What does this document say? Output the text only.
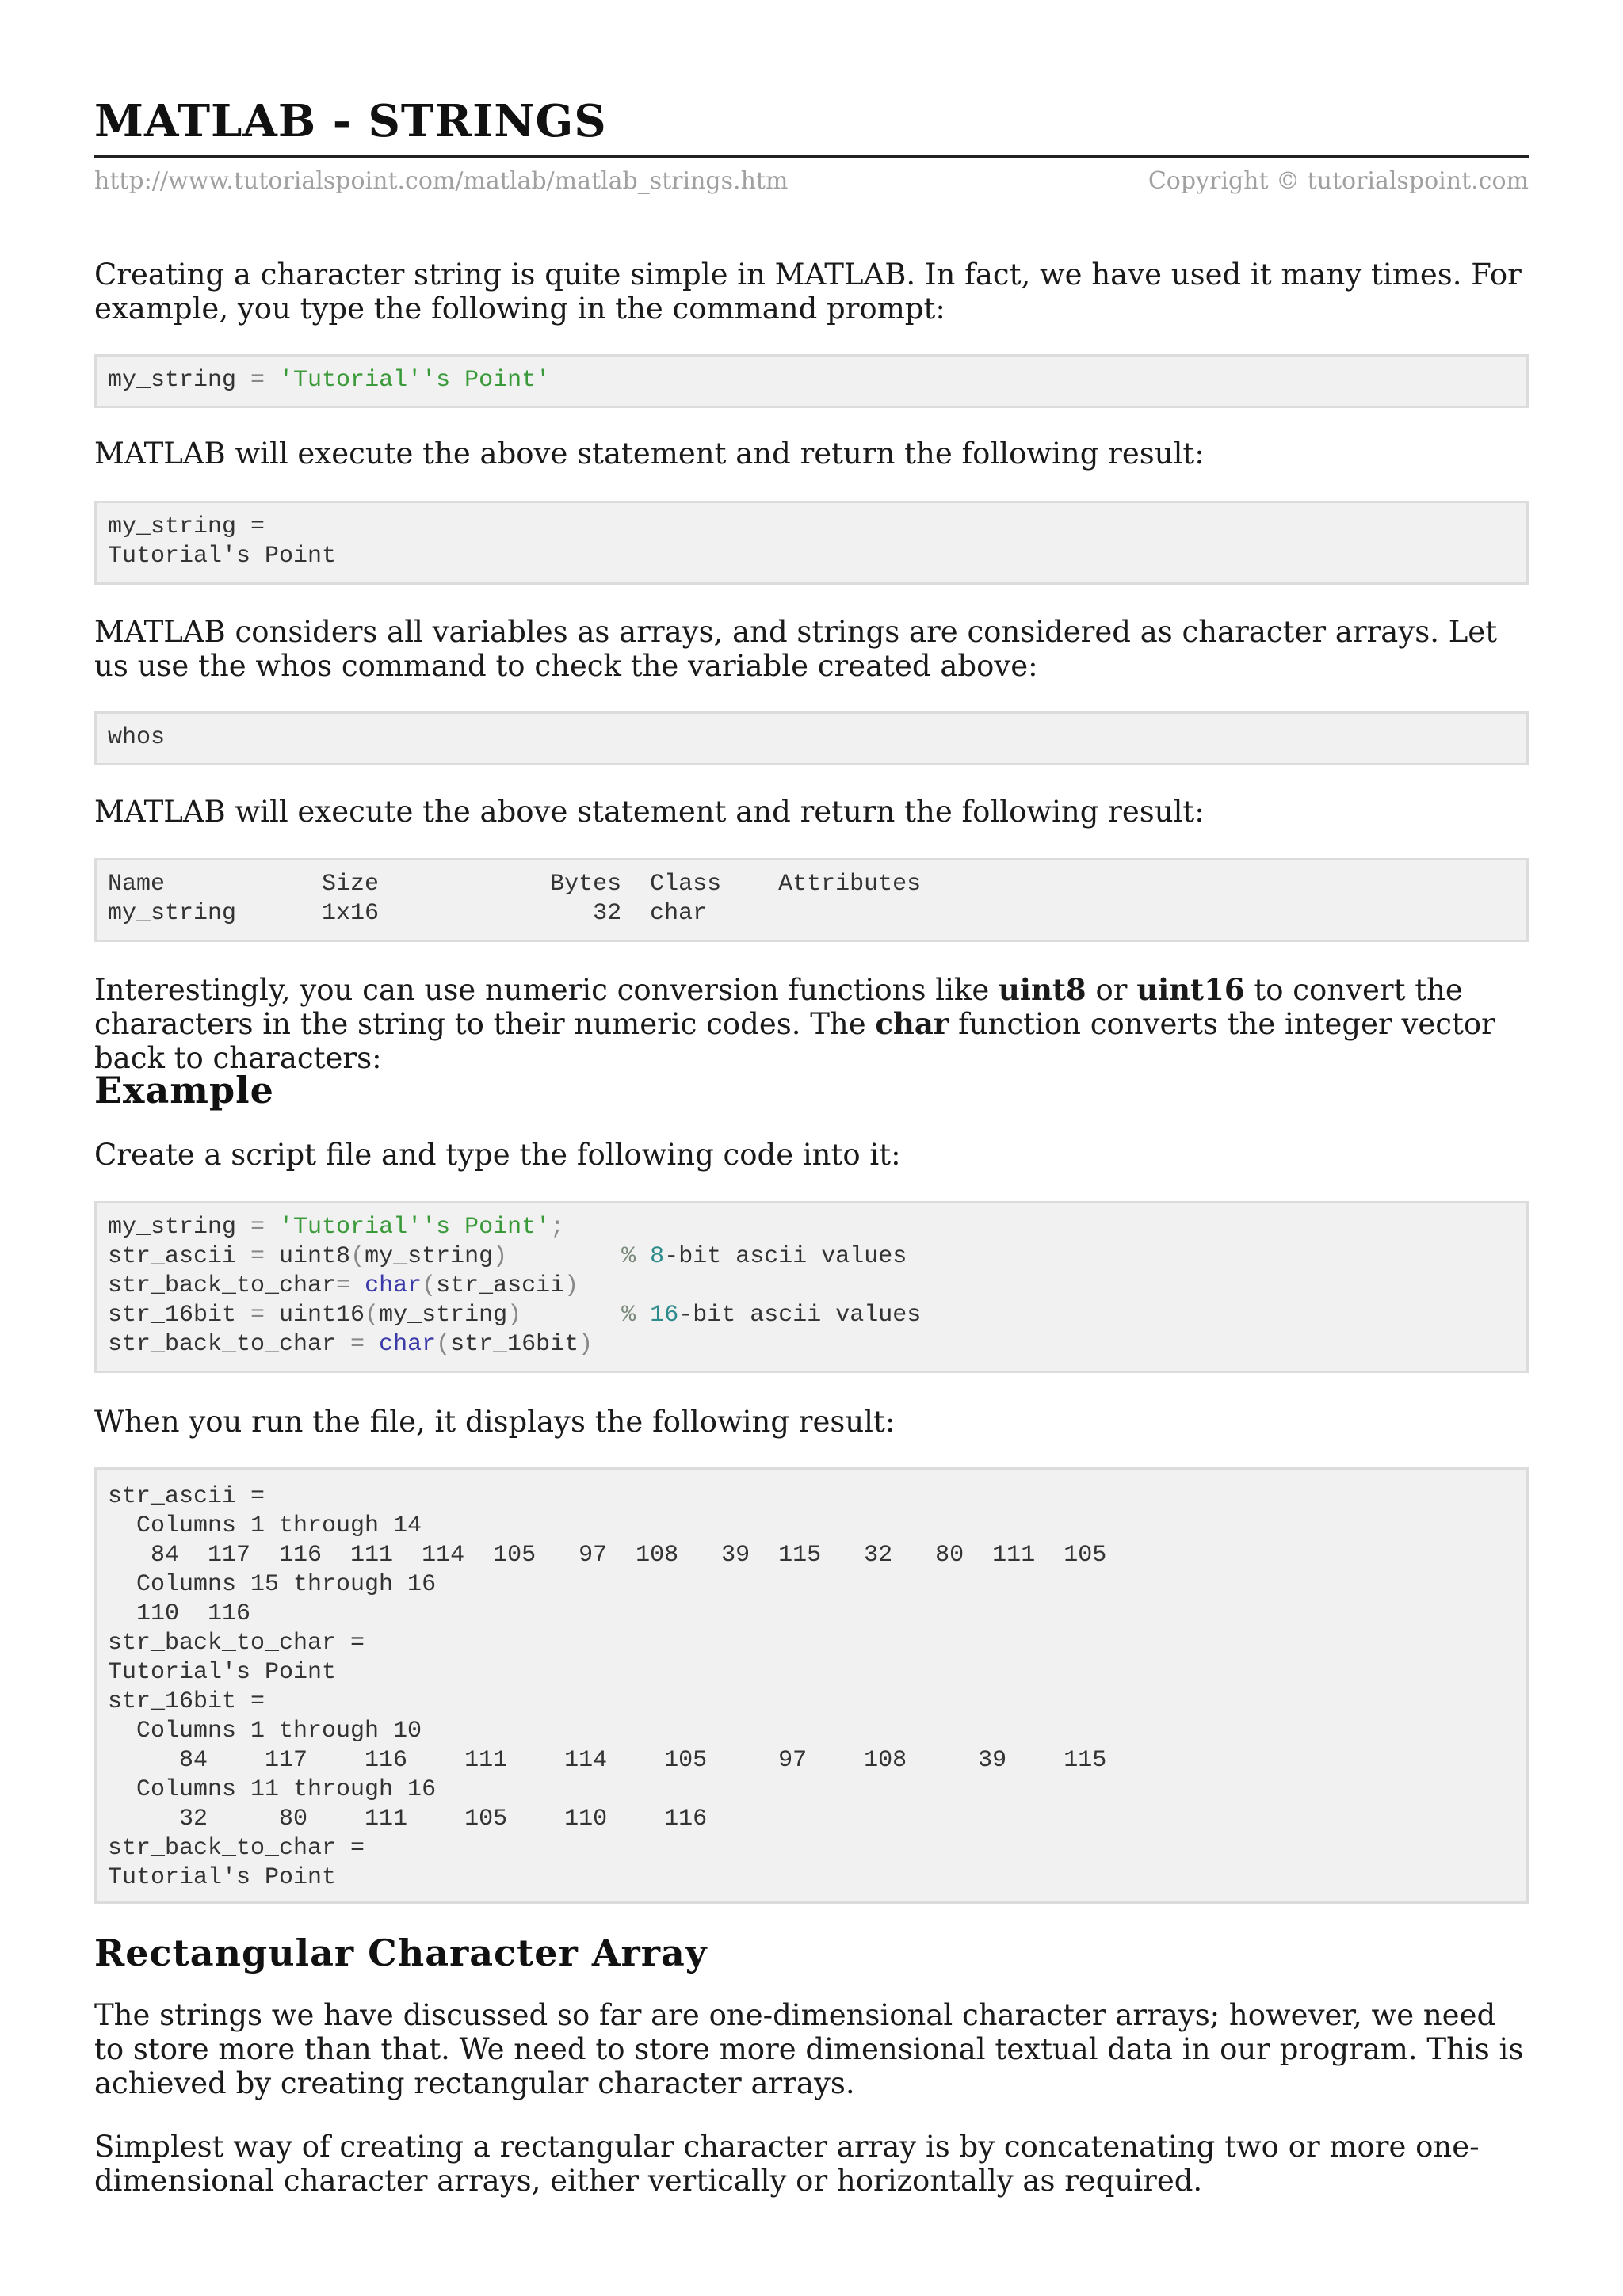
MATLAB - STRINGS
http://www.tutorialspoint.com/matlab/matlab_strings.htm	Copyright © tutorialspoint.com

Creating a character string is quite simple in MATLAB. In fact, we have used it many times. For example, you type the following in the command prompt:

my_string = 'Tutorial''s Point'

MATLAB will execute the above statement and return the following result:

my_string =
Tutorial's Point

MATLAB considers all variables as arrays, and strings are considered as character arrays. Let us use the whos command to check the variable created above:

whos

MATLAB will execute the above statement and return the following result:

Name           Size            Bytes  Class    Attributes
my_string      1x16               32  char

Interestingly, you can use numeric conversion functions like uint8 or uint16 to convert the characters in the string to their numeric codes. The char function converts the integer vector back to characters:

Example

Create a script file and type the following code into it:

my_string = 'Tutorial''s Point';
str_ascii = uint8(my_string)	% 8-bit ascii values
str_back_to_char= char(str_ascii)
str_16bit = uint16(my_string)	% 16-bit ascii values
str_back_to_char = char(str_16bit)

When you run the file, it displays the following result:

str_ascii =
Columns 1 through 14
84  117  116  111  114  105   97  108   39  115   32   80  111  105
Columns 15 through 16
110  116
str_back_to_char =
Tutorial's Point
str_16bit =
Columns 1 through 10
84    117    116    111    114    105     97    108     39    115
Columns 11 through 16
32     80    111    105    110    116
str_back_to_char =
Tutorial's Point
Rectangular Character Array

The strings we have discussed so far are one-dimensional character arrays; however, we need to store more than that. We need to store more dimensional textual data in our program. This is achieved by creating rectangular character arrays.

Simplest way of creating a rectangular character array is by concatenating two or more one-dimensional character arrays, either vertically or horizontally as required.
